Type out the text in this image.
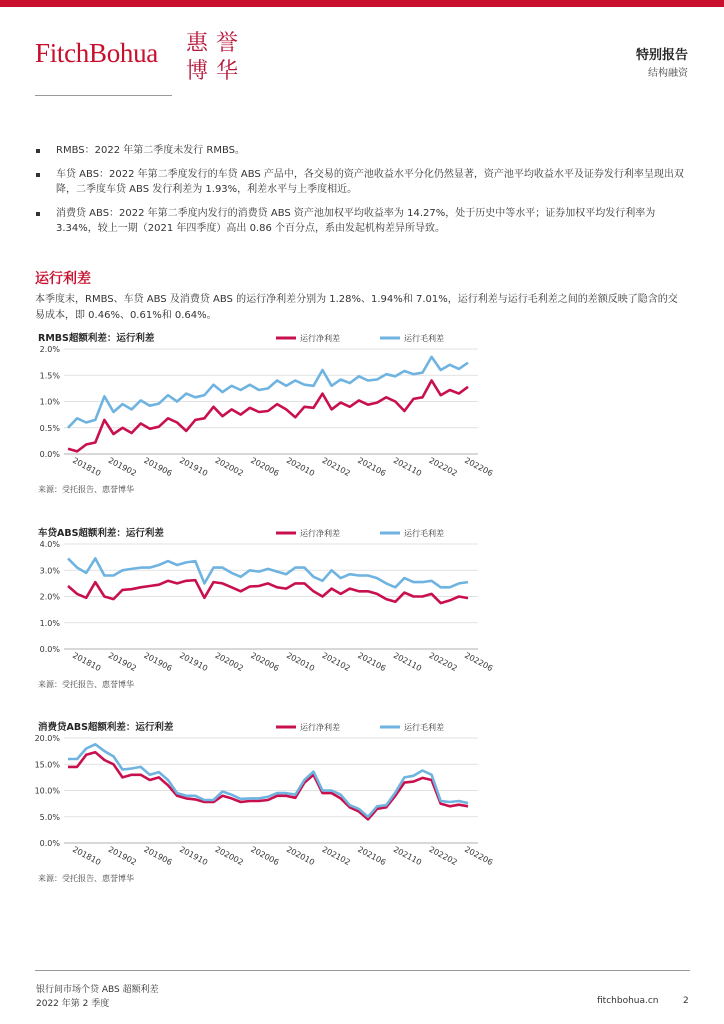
FitchBohua 惠 誉
博 华
特别报告
结构融资
RMBS：2022 年第二季度未发行 RMBS。
车贷 ABS：2022 年第二季度发行的车贷 ABS 产品中，各交易的资产池收益水平分化仍然显著，资产池平均收益水平及证券发行利率呈现出双降，二季度车贷 ABS 发行利差为 1.93%，利差水平与上季度相近。
消费贷 ABS：2022 年第二季度内发行的消费贷 ABS 资产池加权平均收益率为 14.27%，处于历史中等水平；证券加权平均发行利率为 3.34%，较上一期（2021 年四季度）高出 0.86 个百分点，系由发起机构差异所导致。
运行利差
本季度末，RMBS、车贷 ABS 及消费贷 ABS 的运行净利差分别为 1.28%、1.94%和 7.01%，运行利差与运行毛利差之间的差额反映了隐含的交易成本，即 0.46%、0.61%和 0.64%。
RMBS超额利差：运行利差	运行净利差	运行毛利差
0.0%
0.5%
1.0%
1.5%
2.0%
201810 201902 201906 201910 202002 202006 202010 202102 202106 202110 202202 202206
来源：受托报告、惠誉博华
车贷ABS超额利差：运行利差	运行净利差	运行毛利差
0.0%
1.0%
2.0%
3.0%
4.0%
201810 201902 201906 201910 202002 202006 202010 202102 202106 202110 202202 202206
来源：受托报告、惠誉博华
消费贷ABS超额利差：运行利差	运行净利差	运行毛利差
0.0%
5.0%
10.0%
15.0%
20.0%
201810 201902 201906 201910 202002 202006 202010 202102 202106 202110 202202 202206
来源：受托报告、惠誉博华
银行间市场个贷 ABS 超额利差
2022 年第 2 季度	fitchbohua.cn	2
